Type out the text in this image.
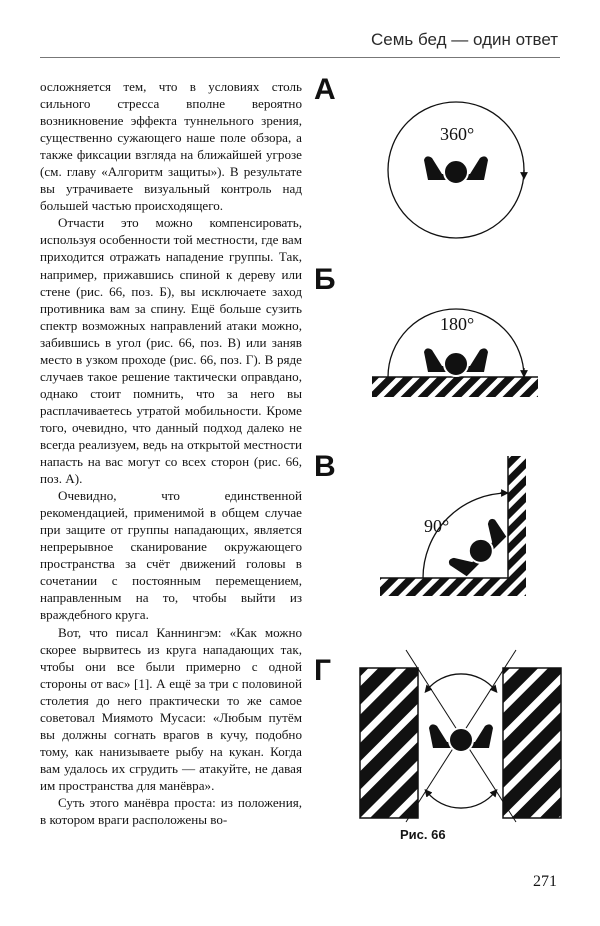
Семь бед — один ответ

осложняется тем, что в условиях столь сильного стресса вполне вероятно возникновение эффекта туннельного зрения, существенно сужающего наше поле обзора, а также фиксации взгляда на ближайшей угрозе (см. главу «Алгоритм защиты»). В результате вы утрачиваете визуальный контроль над большей частью происходящего.

Отчасти это можно компенсировать, используя особенности той местности, где вам приходится отражать нападение группы. Так, например, прижавшись спиной к дереву или стене (рис. 66, поз. Б), вы исключаете заход противника вам за спину. Ещё больше сузить спектр возможных направлений атаки можно, забившись в угол (рис. 66, поз. В) или заняв место в узком проходе (рис. 66, поз. Г). В ряде случаев такое решение тактически оправдано, однако стоит помнить, что за него вы расплачиваетесь утратой мобильности. Кроме того, очевидно, что данный подход далеко не всегда реализуем, ведь на открытой местности напасть на вас могут со всех сторон (рис. 66, поз. А).

Очевидно, что единственной рекомендацией, применимой в общем случае при защите от группы нападающих, является непрерывное сканирование окружающего пространства за счёт движений головы в сочетании с постоянным перемещением, направленным на то, чтобы выйти из враждебного круга.

Вот, что писал Каннингэм: «Как можно скорее вырвитесь из круга нападающих так, чтобы они все были примерно с одной стороны от вас» [1]. А ещё за три с половиной столетия до него практически то же самое советовал Миямото Мусаси: «Любым путём вы должны согнать врагов в кучу, подобно тому, как нанизываете рыбу на кукан. Когда вам удалось их сгрудить — атакуйте, не давая им пространства для манёвра».

Суть этого манёвра проста: из положения, в котором враги расположены во-

А
Б
В
Г
360°
180°
90°
Рис. 66
271
